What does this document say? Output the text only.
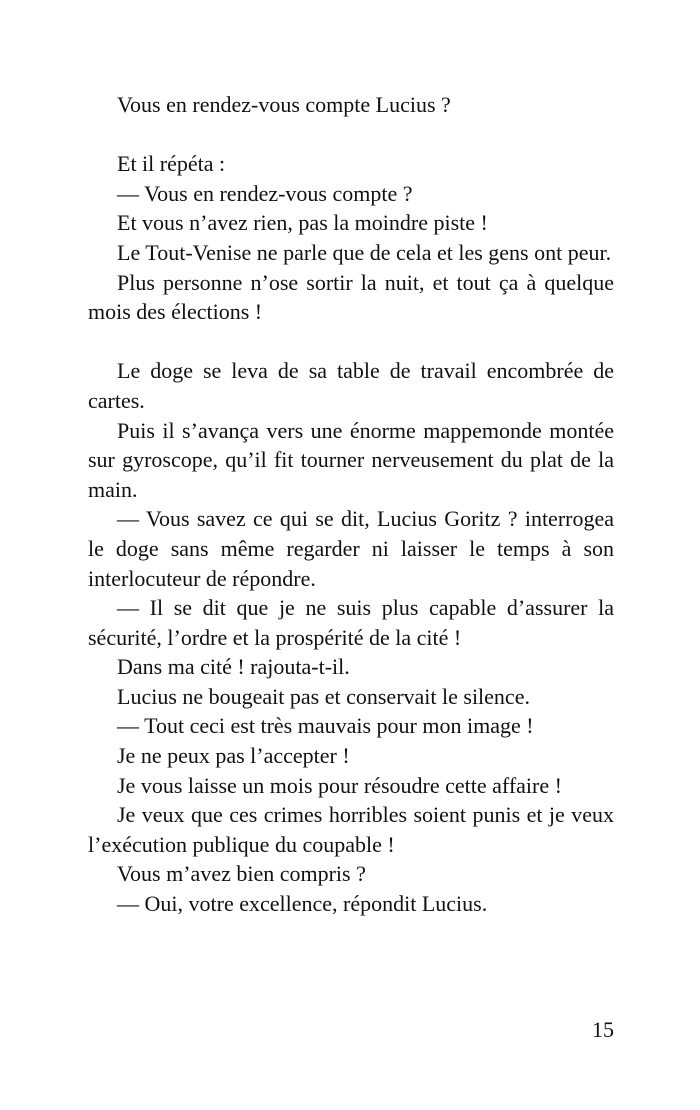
Vous en rendez-vous compte Lucius ?

Et il répéta :

— Vous en rendez-vous compte ?

Et vous n’avez rien, pas la moindre piste !

Le Tout-Venise ne parle que de cela et les gens ont peur.

Plus personne n’ose sortir la nuit, et tout ça à quelque mois des élections !

Le doge se leva de sa table de travail encombrée de cartes.

Puis il s’avança vers une énorme mappemonde montée sur gyroscope, qu’il fit tourner nerveusement du plat de la main.

— Vous savez ce qui se dit, Lucius Goritz ? interrogea le doge sans même regarder ni laisser le temps à son interlocuteur de répondre.

— Il se dit que je ne suis plus capable d’assurer la sécurité, l’ordre et la prospérité de la cité !

Dans ma cité ! rajouta-t-il.

Lucius ne bougeait pas et conservait le silence.

— Tout ceci est très mauvais pour mon image !

Je ne peux pas l’accepter !

Je vous laisse un mois pour résoudre cette affaire !

Je veux que ces crimes horribles soient punis et je veux l’exécution publique du coupable !

Vous m’avez bien compris ?

— Oui, votre excellence, répondit Lucius.

15
